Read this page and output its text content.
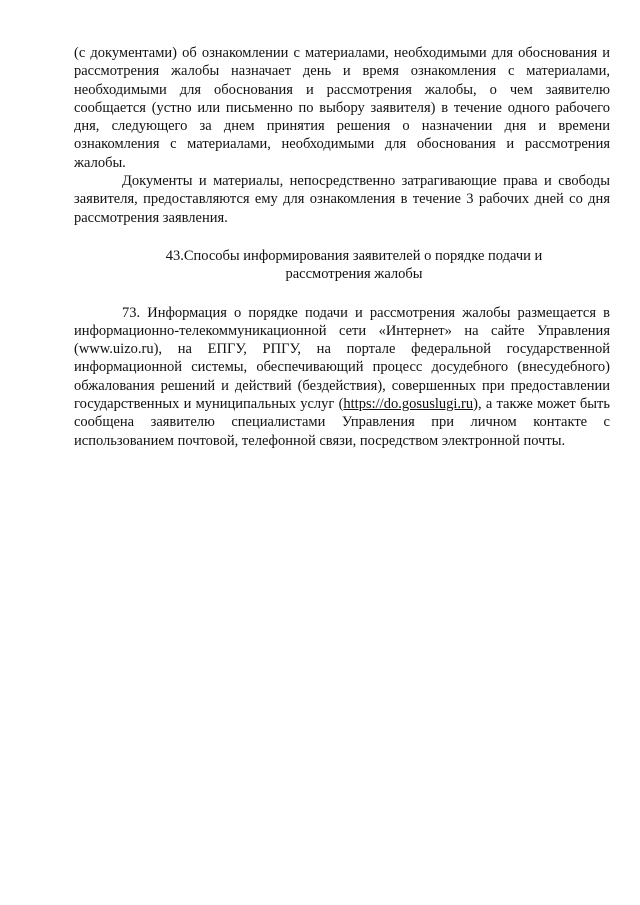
(с документами) об ознакомлении с материалами, необходимыми для обоснования и рассмотрения жалобы назначает день и время ознакомления с материалами, необходимыми для обоснования и рассмотрения жалобы, о чем заявителю сообщается (устно или письменно по выбору заявителя) в течение одного рабочего дня, следующего за днем принятия решения о назначении дня и времени ознакомления с материалами, необходимыми для обоснования и рассмотрения жалобы.

Документы и материалы, непосредственно затрагивающие права и свободы заявителя, предоставляются ему для ознакомления в течение 3 рабочих дней со дня рассмотрения заявления.

43.Способы информирования заявителей о порядке подачи и
рассмотрения жалобы

73. Информация о порядке подачи и рассмотрения жалобы размещается в информационно-телекоммуникационной сети «Интернет» на сайте Управления (www.uizo.ru), на ЕПГУ, РПГУ, на портале федеральной государственной информационной системы, обеспечивающий процесс досудебного (внесудебного) обжалования решений и действий (бездействия), совершенных при предоставлении государственных и муниципальных услуг (https://do.gosuslugi.ru), а также может быть сообщена заявителю специалистами Управления при личном контакте с использованием почтовой, телефонной связи, посредством электронной почты.
